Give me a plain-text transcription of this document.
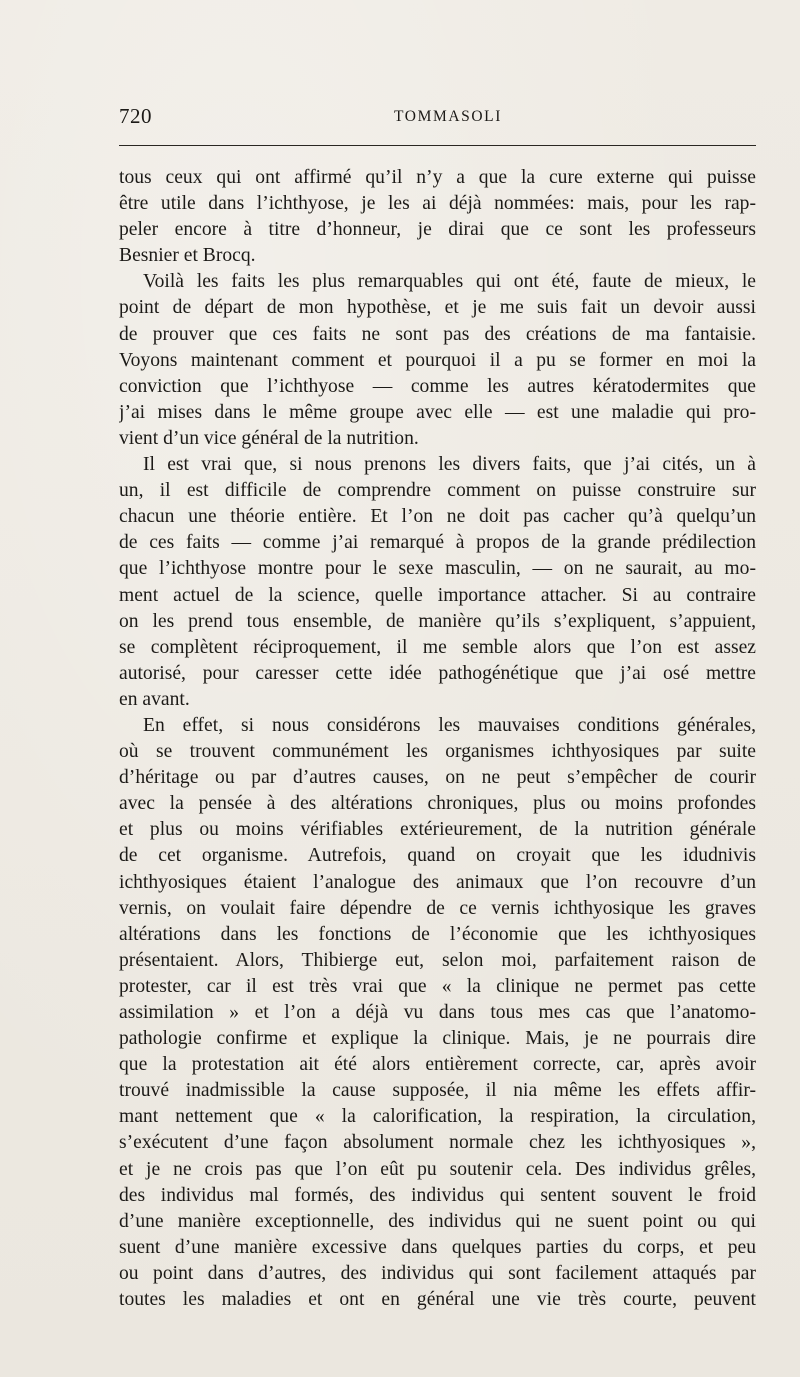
720	TOMMASOLI
tous ceux qui ont affirmé qu’il n’y a que la cure externe qui puisse
être utile dans l’ichthyose, je les ai déjà nommées: mais, pour les rap-
peler encore à titre d’honneur, je dirai que ce sont les professeurs
Besnier et Brocq.
Voilà les faits les plus remarquables qui ont été, faute de mieux, le
point de départ de mon hypothèse, et je me suis fait un devoir aussi
de prouver que ces faits ne sont pas des créations de ma fantaisie.
Voyons maintenant comment et pourquoi il a pu se former en moi la
conviction que l’ichthyose — comme les autres kératodermites que
j’ai mises dans le même groupe avec elle — est une maladie qui pro-
vient d’un vice général de la nutrition.
Il est vrai que, si nous prenons les divers faits, que j’ai cités, un à
un, il est difficile de comprendre comment on puisse construire sur
chacun une théorie entière. Et l’on ne doit pas cacher qu’à quelqu’un
de ces faits — comme j’ai remarqué à propos de la grande prédilection
que l’ichthyose montre pour le sexe masculin, — on ne saurait, au mo-
ment actuel de la science, quelle importance attacher. Si au contraire
on les prend tous ensemble, de manière qu’ils s’expliquent, s’appuient,
se complètent réciproquement, il me semble alors que l’on est assez
autorisé, pour caresser cette idée pathogénétique que j’ai osé mettre
en avant.
En effet, si nous considérons les mauvaises conditions générales,
où se trouvent communément les organismes ichthyosiques par suite
d’héritage ou par d’autres causes, on ne peut s’empêcher de courir
avec la pensée à des altérations chroniques, plus ou moins profondes
et plus ou moins vérifiables extérieurement, de la nutrition générale
de cet organisme. Autrefois, quand on croyait que les idudnivis
ichthyosiques étaient l’analogue des animaux que l’on recouvre d’un
vernis, on voulait faire dépendre de ce vernis ichthyosique les graves
altérations dans les fonctions de l’économie que les ichthyosiques
présentaient. Alors, Thibierge eut, selon moi, parfaitement raison de
protester, car il est très vrai que « la clinique ne permet pas cette
assimilation » et l’on a déjà vu dans tous mes cas que l’anatomo-
pathologie confirme et explique la clinique. Mais, je ne pourrais dire
que la protestation ait été alors entièrement correcte, car, après avoir
trouvé inadmissible la cause supposée, il nia même les effets affir-
mant nettement que « la calorification, la respiration, la circulation,
s’exécutent d’une façon absolument normale chez les ichthyosiques »,
et je ne crois pas que l’on eût pu soutenir cela. Des individus grêles,
des individus mal formés, des individus qui sentent souvent le froid
d’une manière exceptionnelle, des individus qui ne suent point ou qui
suent d’une manière excessive dans quelques parties du corps, et peu
ou point dans d’autres, des individus qui sont facilement attaqués par
toutes les maladies et ont en général une vie très courte, peuvent
